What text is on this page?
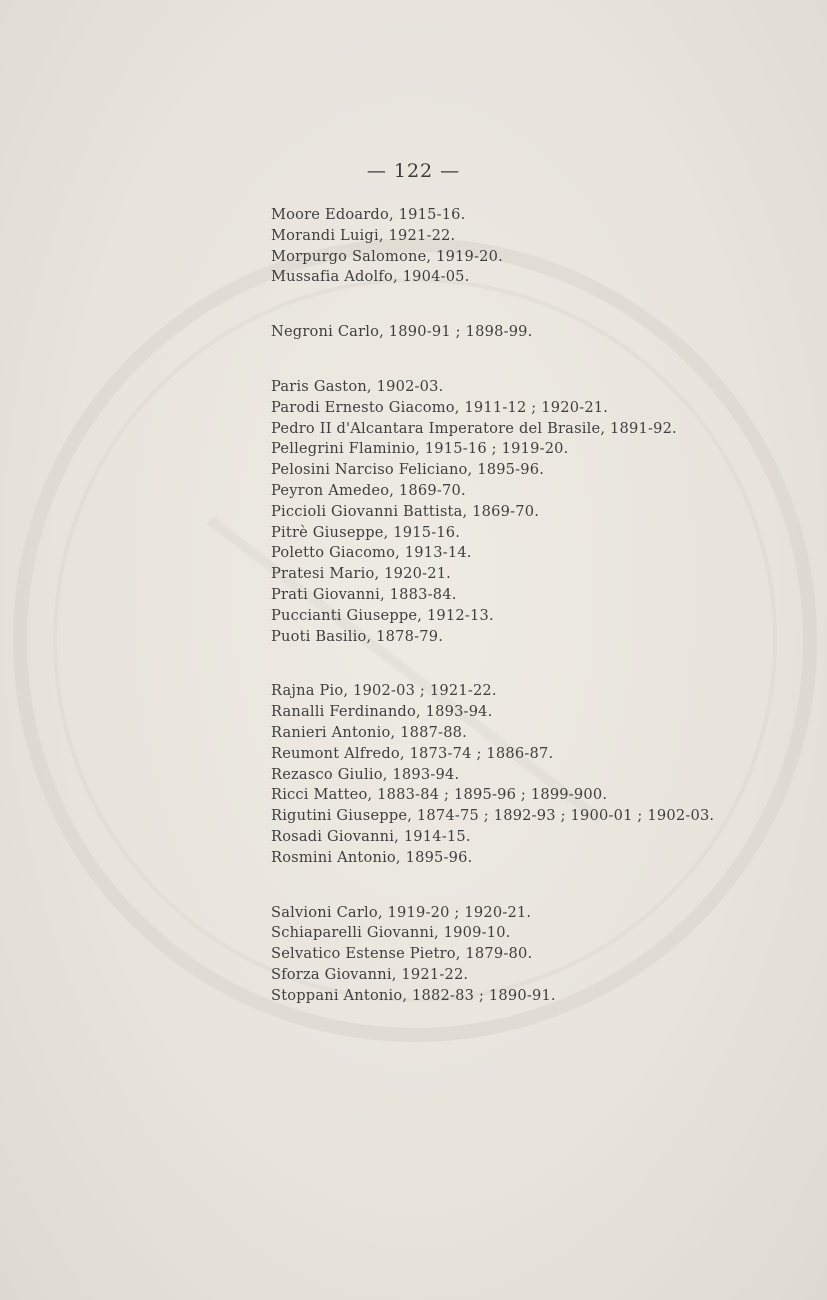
— 122 —
Moore Edoardo, 1915-16.
Morandi Luigi, 1921-22.
Morpurgo Salomone, 1919-20.
Mussafia Adolfo, 1904-05.
Negroni Carlo, 1890-91 ; 1898-99.
Paris Gaston, 1902-03.
Parodi Ernesto Giacomo, 1911-12 ; 1920-21.
Pedro II d'Alcantara Imperatore del Brasile, 1891-92.
Pellegrini Flaminio, 1915-16 ; 1919-20.
Pelosini Narciso Feliciano, 1895-96.
Peyron Amedeo, 1869-70.
Piccioli Giovanni Battista, 1869-70.
Pitrè Giuseppe, 1915-16.
Poletto Giacomo, 1913-14.
Pratesi Mario, 1920-21.
Prati Giovanni, 1883-84.
Puccianti Giuseppe, 1912-13.
Puoti Basilio, 1878-79.
Rajna Pio, 1902-03 ; 1921-22.
Ranalli Ferdinando, 1893-94.
Ranieri Antonio, 1887-88.
Reumont Alfredo, 1873-74 ; 1886-87.
Rezasco Giulio, 1893-94.
Ricci Matteo, 1883-84 ; 1895-96 ; 1899-900.
Rigutini Giuseppe, 1874-75 ; 1892-93 ; 1900-01 ; 1902-03.
Rosadi Giovanni, 1914-15.
Rosmini Antonio, 1895-96.
Salvioni Carlo, 1919-20 ; 1920-21.
Schiaparelli Giovanni, 1909-10.
Selvatico Estense Pietro, 1879-80.
Sforza Giovanni, 1921-22.
Stoppani Antonio, 1882-83 ; 1890-91.
